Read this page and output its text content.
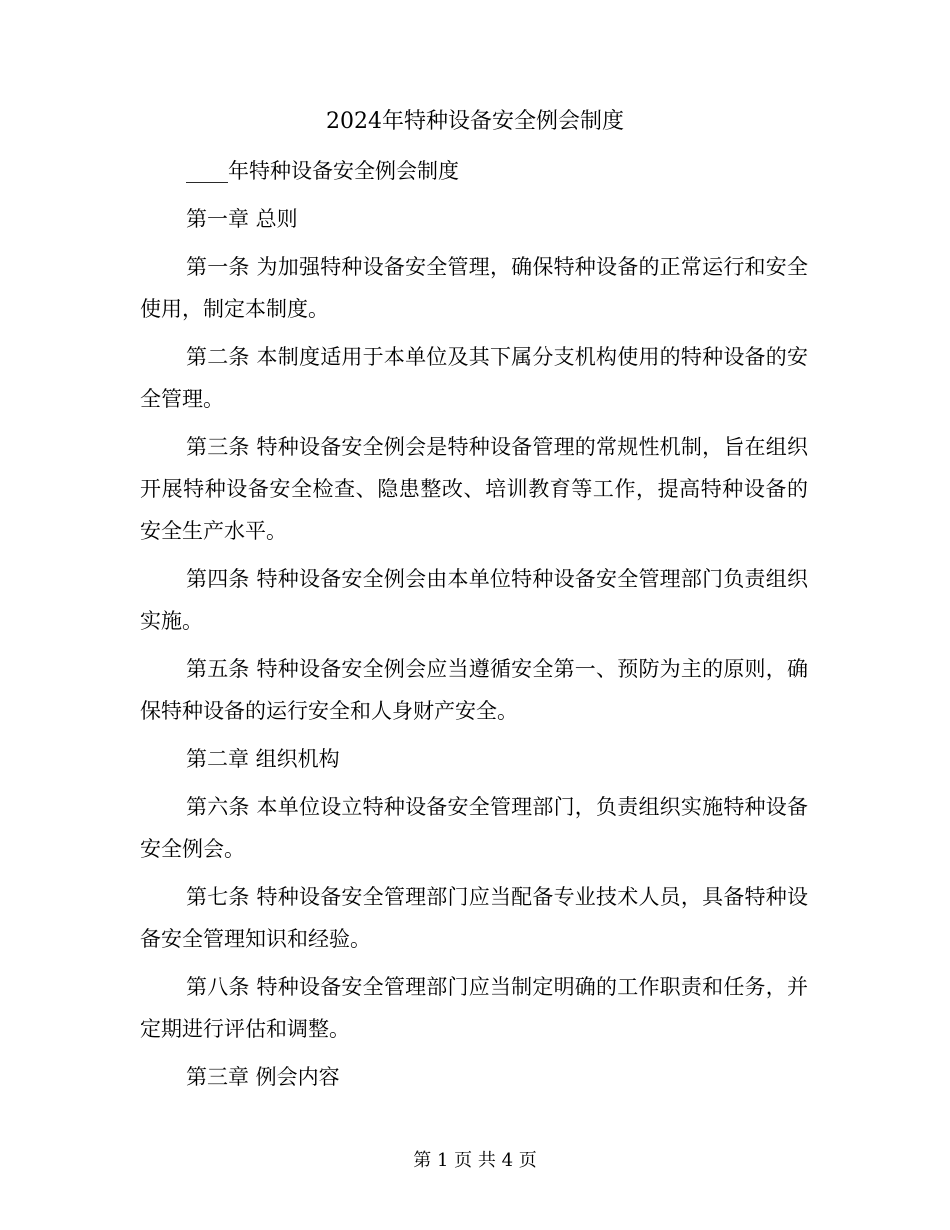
2024年特种设备安全例会制度

____年特种设备安全例会制度

第一章 总则

第一条 为加强特种设备安全管理，确保特种设备的正常运行和安全使用，制定本制度。

第二条 本制度适用于本单位及其下属分支机构使用的特种设备的安全管理。

第三条 特种设备安全例会是特种设备管理的常规性机制，旨在组织开展特种设备安全检查、隐患整改、培训教育等工作，提高特种设备的安全生产水平。

第四条 特种设备安全例会由本单位特种设备安全管理部门负责组织实施。

第五条 特种设备安全例会应当遵循安全第一、预防为主的原则，确保特种设备的运行安全和人身财产安全。

第二章 组织机构

第六条 本单位设立特种设备安全管理部门，负责组织实施特种设备安全例会。

第七条 特种设备安全管理部门应当配备专业技术人员，具备特种设备安全管理知识和经验。

第八条 特种设备安全管理部门应当制定明确的工作职责和任务，并定期进行评估和调整。

第三章 例会内容

第 1 页 共 4 页
